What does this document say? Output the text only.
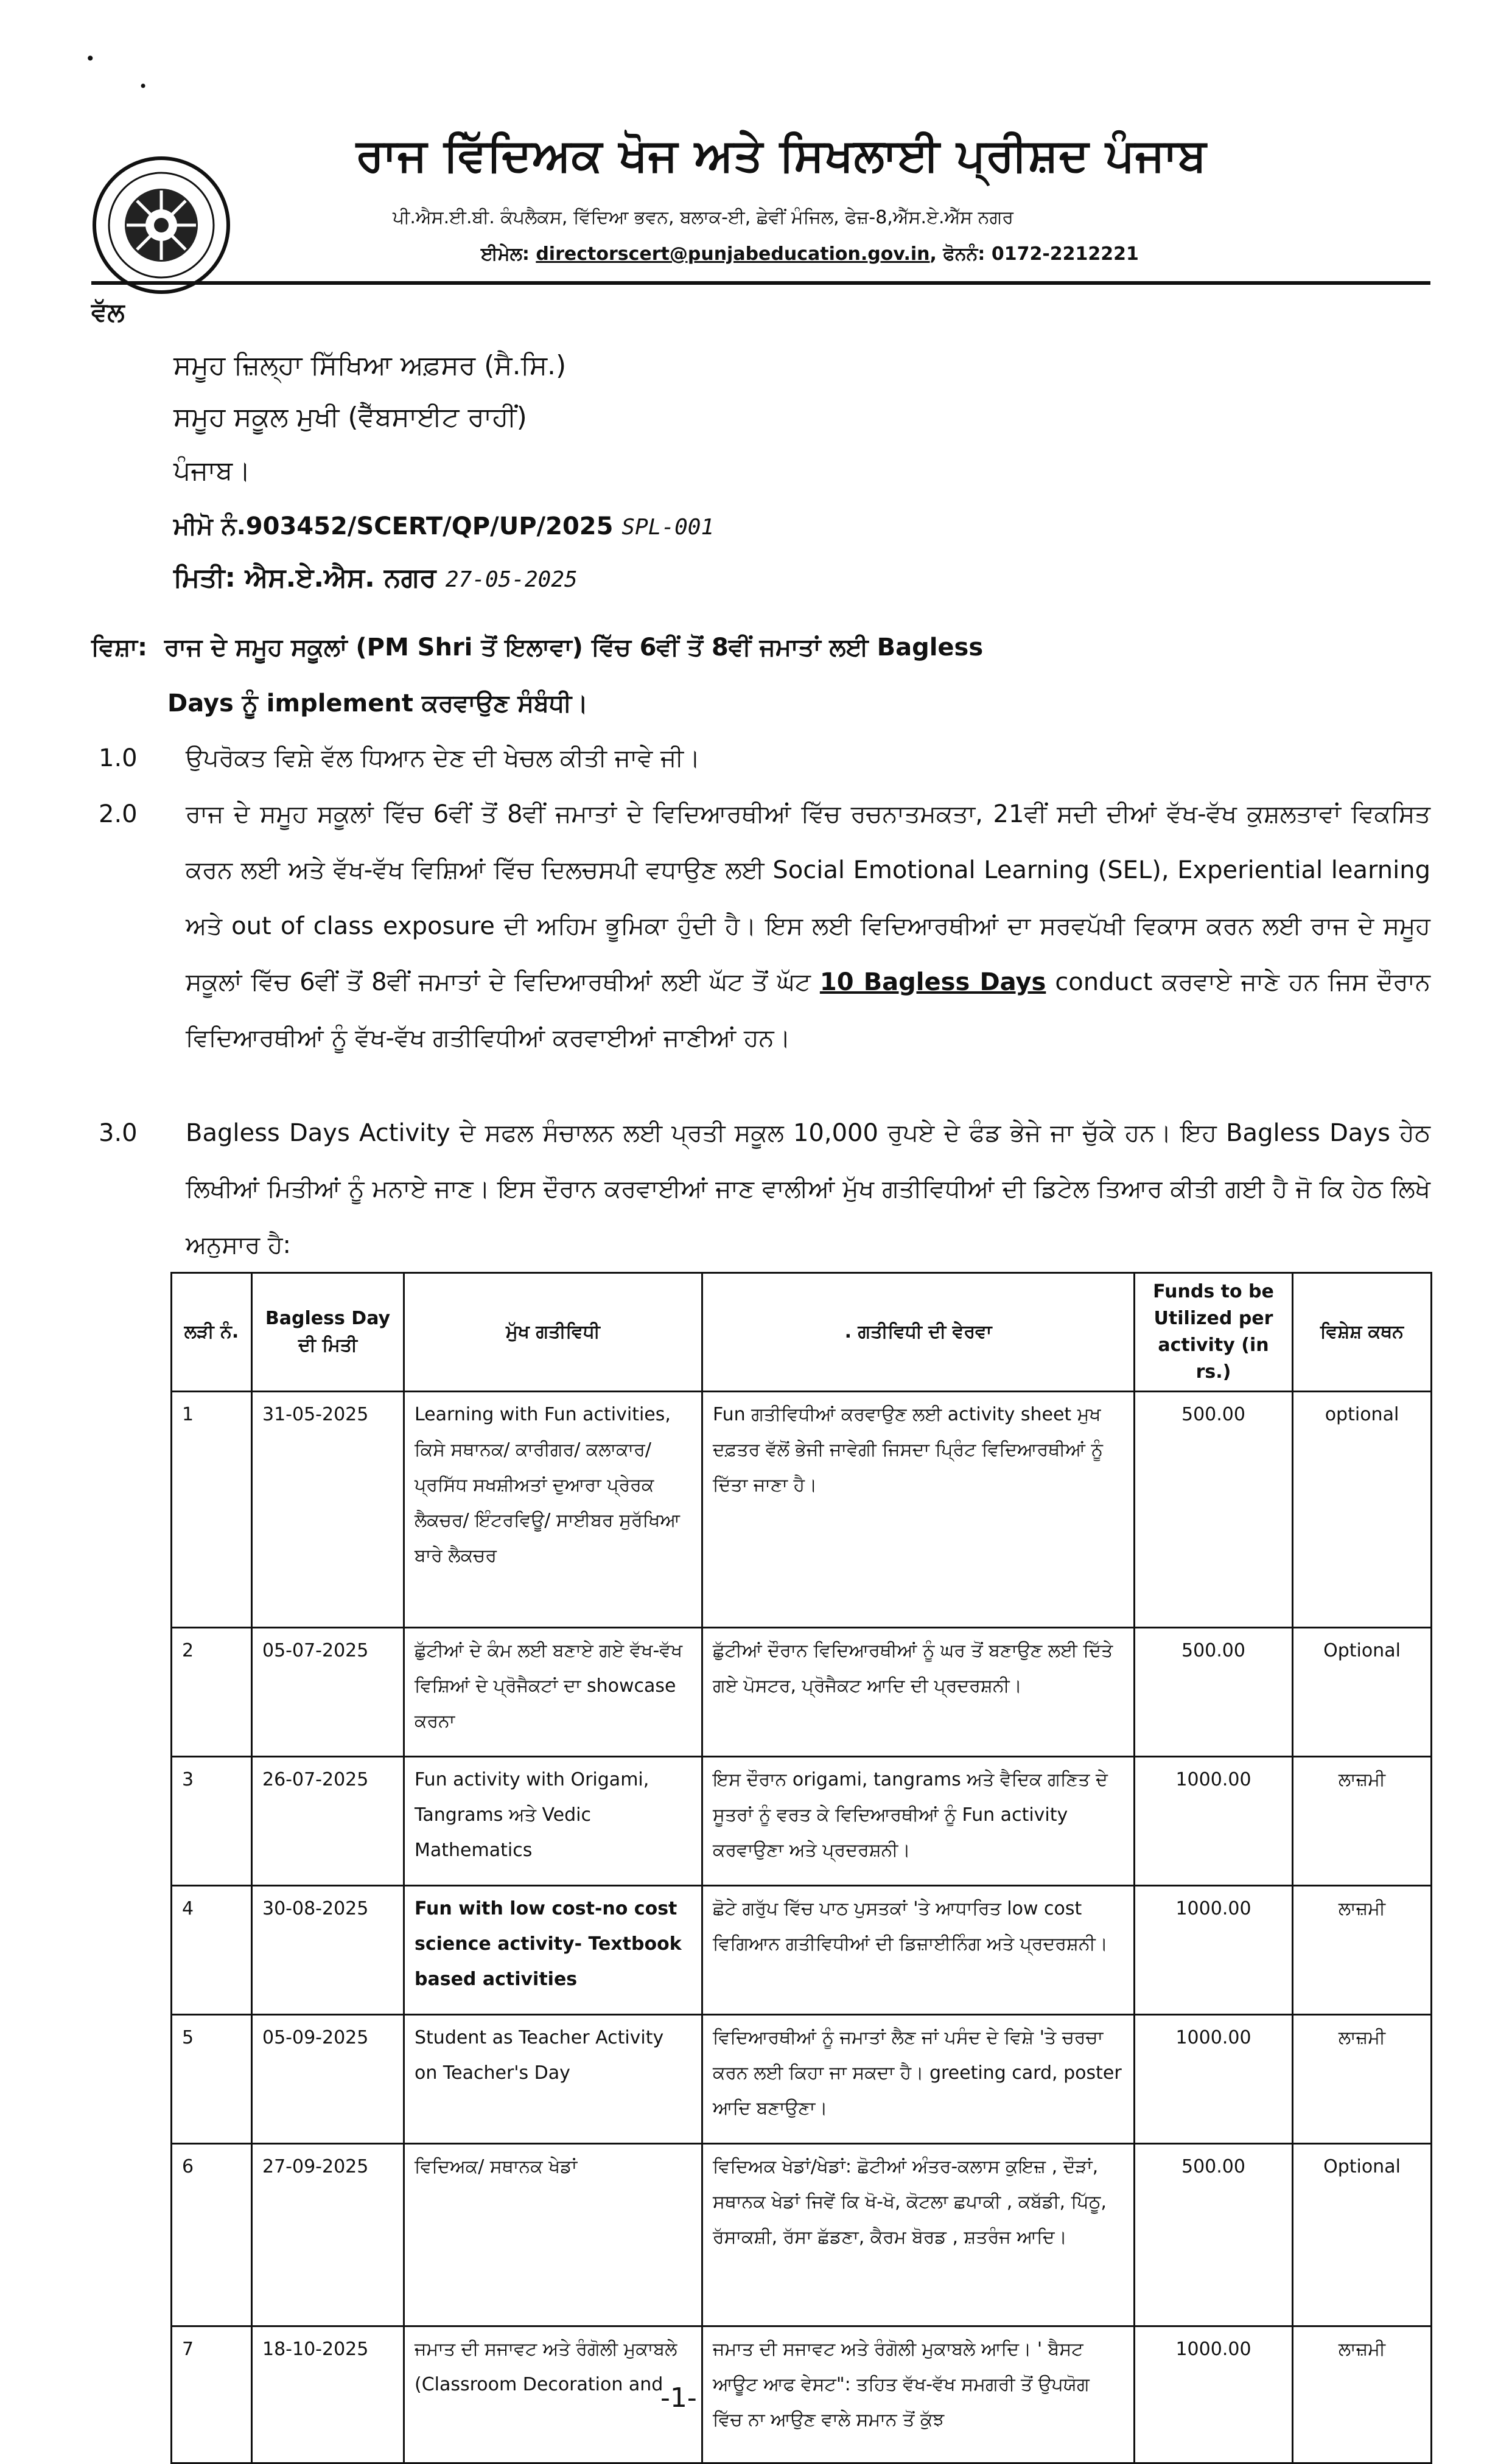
•
•
ਰਾਜ ਵਿੱਦਿਅਕ ਖੋਜ ਅਤੇ ਸਿਖਲਾਈ ਪ੍ਰੀਸ਼ਦ ਪੰਜਾਬ
ਪੀ.ਐਸ.ਈ.ਬੀ. ਕੰਪਲੈਕਸ, ਵਿੱਦਿਆ ਭਵਨ, ਬਲਾਕ-ਈ, ਛੇਵੀਂ ਮੰਜਿਲ, ਫੇਜ਼-8,ਐੱਸ.ਏ.ਐੱਸ ਨਗਰ
ਈਮੇਲ: directorscert@punjabeducation.gov.in, ਫੋਨਨੰ: 0172-2212221
ਵੱਲ
ਸਮੂਹ ਜ਼ਿਲ੍ਹਾ ਸਿੱਖਿਆ ਅਫ਼ਸਰ (ਸੈ.ਸਿ.)
ਸਮੂਹ ਸਕੂਲ ਮੁਖੀ (ਵੈੱਬਸਾਈਟ ਰਾਹੀਂ)
ਪੰਜਾਬ।
ਮੀਮੋ ਨੰ.903452/SCERT/QP/UP/2025 SPL-001
ਮਿਤੀ: ਐਸ.ਏ.ਐਸ. ਨਗਰ 27-05-2025
ਵਿਸ਼ਾ: ਰਾਜ ਦੇ ਸਮੂਹ ਸਕੂਲਾਂ (PM Shri ਤੋਂ ਇਲਾਵਾ) ਵਿੱਚ 6ਵੀਂ ਤੋਂ 8ਵੀਂ ਜਮਾਤਾਂ ਲਈ Bagless
Days ਨੂੰ implement ਕਰਵਾਉਣ ਸੰਬੰਧੀ।
1.0 ਉਪਰੋਕਤ ਵਿਸ਼ੇ ਵੱਲ ਧਿਆਨ ਦੇਣ ਦੀ ਖੇਚਲ ਕੀਤੀ ਜਾਵੇ ਜੀ।
2.0 ਰਾਜ ਦੇ ਸਮੂਹ ਸਕੂਲਾਂ ਵਿੱਚ 6ਵੀਂ ਤੋਂ 8ਵੀਂ ਜਮਾਤਾਂ ਦੇ ਵਿਦਿਆਰਥੀਆਂ ਵਿੱਚ ਰਚਨਾਤਮਕਤਾ, 21ਵੀਂ ਸਦੀ ਦੀਆਂ ਵੱਖ-ਵੱਖ ਕੁਸ਼ਲਤਾਵਾਂ ਵਿਕਸਿਤ ਕਰਨ ਲਈ ਅਤੇ ਵੱਖ-ਵੱਖ ਵਿਸ਼ਿਆਂ ਵਿੱਚ ਦਿਲਚਸਪੀ ਵਧਾਉਣ ਲਈ Social Emotional Learning (SEL), Experiential learning ਅਤੇ out of class exposure ਦੀ ਅਹਿਮ ਭੂਮਿਕਾ ਹੁੰਦੀ ਹੈ। ਇਸ ਲਈ ਵਿਦਿਆਰਥੀਆਂ ਦਾ ਸਰਵਪੱਖੀ ਵਿਕਾਸ ਕਰਨ ਲਈ ਰਾਜ ਦੇ ਸਮੂਹ ਸਕੂਲਾਂ ਵਿੱਚ 6ਵੀਂ ਤੋਂ 8ਵੀਂ ਜਮਾਤਾਂ ਦੇ ਵਿਦਿਆਰਥੀਆਂ ਲਈ ਘੱਟ ਤੋਂ ਘੱਟ 10 Bagless Days conduct ਕਰਵਾਏ ਜਾਣੇ ਹਨ ਜਿਸ ਦੌਰਾਨ ਵਿਦਿਆਰਥੀਆਂ ਨੂੰ ਵੱਖ-ਵੱਖ ਗਤੀਵਿਧੀਆਂ ਕਰਵਾਈਆਂ ਜਾਣੀਆਂ ਹਨ।
3.0 Bagless Days Activity ਦੇ ਸਫਲ ਸੰਚਾਲਨ ਲਈ ਪ੍ਰਤੀ ਸਕੂਲ 10,000 ਰੁਪਏ ਦੇ ਫੰਡ ਭੇਜੇ ਜਾ ਚੁੱਕੇ ਹਨ। ਇਹ Bagless Days ਹੇਠ ਲਿਖੀਆਂ ਮਿਤੀਆਂ ਨੂੰ ਮਨਾਏ ਜਾਣ। ਇਸ ਦੌਰਾਨ ਕਰਵਾਈਆਂ ਜਾਣ ਵਾਲੀਆਂ ਮੁੱਖ ਗਤੀਵਿਧੀਆਂ ਦੀ ਡਿਟੇਲ ਤਿਆਰ ਕੀਤੀ ਗਈ ਹੈ ਜੋ ਕਿ ਹੇਠ ਲਿਖੇ ਅਨੁਸਾਰ ਹੈ:
ਲੜੀ ਨੰ.	Bagless Day ਦੀ ਮਿਤੀ	ਮੁੱਖ ਗਤੀਵਿਧੀ	. ਗਤੀਵਿਧੀ ਦੀ ਵੇਰਵਾ	Funds to be Utilized per activity (in rs.)	ਵਿਸ਼ੇਸ਼ ਕਥਨ
1	31-05-2025	Learning with Fun activities, ਕਿਸੇ ਸਥਾਨਕ/ ਕਾਰੀਗਰ/ ਕਲਾਕਾਰ/ ਪ੍ਰਸਿੱਧ ਸਖਸ਼ੀਅਤਾਂ ਦੁਆਰਾ ਪ੍ਰੇਰਕ ਲੈਕਚਰ/ ਇੰਟਰਵਿਊ/ ਸਾਈਬਰ ਸੁਰੱਖਿਆ ਬਾਰੇ ਲੈਕਚਰ	Fun ਗਤੀਵਿਧੀਆਂ ਕਰਵਾਉਣ ਲਈ activity sheet ਮੁਖ ਦਫ਼ਤਰ ਵੱਲੋਂ ਭੇਜੀ ਜਾਵੇਗੀ ਜਿਸਦਾ ਪ੍ਰਿੰਟ ਵਿਦਿਆਰਥੀਆਂ ਨੂੰ ਦਿੱਤਾ ਜਾਣਾ ਹੈ।	500.00	optional
2	05-07-2025	ਛੁੱਟੀਆਂ ਦੇ ਕੰਮ ਲਈ ਬਣਾਏ ਗਏ ਵੱਖ-ਵੱਖ ਵਿਸ਼ਿਆਂ ਦੇ ਪ੍ਰੋਜੈਕਟਾਂ ਦਾ showcase ਕਰਨਾ	ਛੁੱਟੀਆਂ ਦੌਰਾਨ ਵਿਦਿਆਰਥੀਆਂ ਨੂੰ ਘਰ ਤੋਂ ਬਣਾਉਣ ਲਈ ਦਿੱਤੇ ਗਏ ਪੋਸਟਰ, ਪ੍ਰੋਜੈਕਟ ਆਦਿ ਦੀ ਪ੍ਰਦਰਸ਼ਨੀ।	500.00	Optional
3	26-07-2025	Fun activity with Origami, Tangrams ਅਤੇ Vedic Mathematics	ਇਸ ਦੌਰਾਨ origami, tangrams ਅਤੇ ਵੈਦਿਕ ਗਣਿਤ ਦੇ ਸੂਤਰਾਂ ਨੂੰ ਵਰਤ ਕੇ ਵਿਦਿਆਰਥੀਆਂ ਨੂੰ Fun activity ਕਰਵਾਉਣਾ ਅਤੇ ਪ੍ਰਦਰਸ਼ਨੀ।	1000.00	ਲਾਜ਼ਮੀ
4	30-08-2025	Fun with low cost-no cost science activity- Textbook based activities	ਛੋਟੇ ਗਰੁੱਪ ਵਿੱਚ ਪਾਠ ਪੁਸਤਕਾਂ 'ਤੇ ਆਧਾਰਿਤ low cost ਵਿਗਿਆਨ ਗਤੀਵਿਧੀਆਂ ਦੀ ਡਿਜ਼ਾਈਨਿੰਗ ਅਤੇ ਪ੍ਰਦਰਸ਼ਨੀ।	1000.00	ਲਾਜ਼ਮੀ
5	05-09-2025	Student as Teacher Activity on Teacher's Day	ਵਿਦਿਆਰਥੀਆਂ ਨੂੰ ਜਮਾਤਾਂ ਲੈਣ ਜਾਂ ਪਸੰਦ ਦੇ ਵਿਸ਼ੇ 'ਤੇ ਚਰਚਾ ਕਰਨ ਲਈ ਕਿਹਾ ਜਾ ਸਕਦਾ ਹੈ। greeting card, poster ਆਦਿ ਬਣਾਉਣਾ।	1000.00	ਲਾਜ਼ਮੀ
6	27-09-2025	ਵਿਦਿਅਕ/ ਸਥਾਨਕ ਖੇਡਾਂ	ਵਿਦਿਅਕ ਖੇਡਾਂ/ਖੇਡਾਂ: ਛੋਟੀਆਂ ਅੰਤਰ-ਕਲਾਸ ਕੁਇਜ਼ , ਦੌੜਾਂ, ਸਥਾਨਕ ਖੇਡਾਂ ਜਿਵੇਂ ਕਿ ਖੋ-ਖੋ, ਕੋਟਲਾ ਛਪਾਕੀ , ਕਬੱਡੀ, ਪਿੱਠੂ, ਰੱਸਾਕਸ਼ੀ, ਰੱਸਾ ਛੱਡਣਾ, ਕੈਰਮ ਬੋਰਡ , ਸ਼ਤਰੰਜ ਆਦਿ।	500.00	Optional
7	18-10-2025	ਜਮਾਤ ਦੀ ਸਜਾਵਟ ਅਤੇ ਰੰਗੋਲੀ ਮੁਕਾਬਲੇ (Classroom Decoration and	ਜਮਾਤ ਦੀ ਸਜਾਵਟ ਅਤੇ ਰੰਗੋਲੀ ਮੁਕਾਬਲੇ ਆਦਿ। ' ਬੈਸਟ ਆਊਟ ਆਫ ਵੇਸਟ": ਤਹਿਤ ਵੱਖ-ਵੱਖ ਸਮਗਰੀ ਤੋਂ ਉਪਯੋਗ ਵਿੱਚ ਨਾ ਆਉਣ ਵਾਲੇ ਸਮਾਨ ਤੋਂ ਕੁੱਝ	1000.00	ਲਾਜ਼ਮੀ
-1-
